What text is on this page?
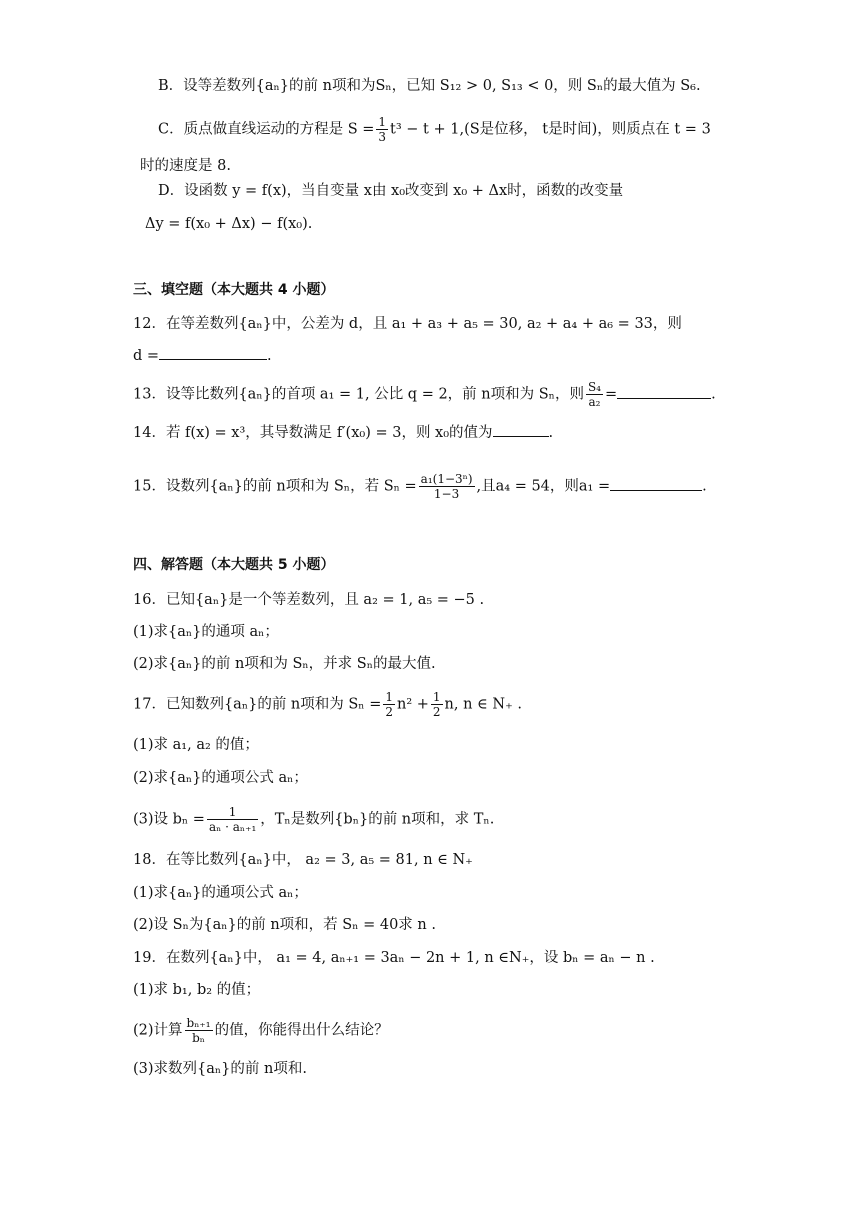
B．设等差数列{aₙ}的前 n项和为Sₙ，已知 S₁₂ > 0, S₁₃ < 0，则 Sₙ的最大值为 S₆.
C．质点做直线运动的方程是 $S = \frac{1}{3} t^3 - t + 1,(S$是位移， t是时间)，则质点在 t = 3
时的速度是 8.
D．设函数 y = f(x)，当自变量 x由 x₀改变到 x₀ + Δx时，函数的改变量
Δy = f(x₀ + Δx) − f(x₀).
三、填空题（本大题共 4 小题）
12．在等差数列{aₙ}中，公差为 d，且 a₁ + a₃ + a₅ = 30, a₂ + a₄ + a₆ = 33，则
d =	.
13．设等比数列{aₙ}的首项 a₁ = 1, 公比 q = 2，前 n项和为 Sₙ，则 $\frac{\text{S₄}}{\text{a₂}}$ =	.
14．若 f(x) = x³，其导数满足 f′(x₀) = 3，则 x₀的值为	.
15．设数列{aₙ}的前 n项和为 Sₙ，若 $S_n = \frac{\text{a₁(1−3ⁿ)}}{1-3}$ ,且a₄ = 54，则a₁ =	.
四、解答题（本大题共 5 小题）
16．已知{aₙ}是一个等差数列，且 a₂ = 1, a₅ = −5 .
(1)求{aₙ}的通项 aₙ；
(2)求{aₙ}的前 n项和为 Sₙ，并求 Sₙ的最大值.
17．已知数列{aₙ}的前 n项和为 $S_n = \frac{1}{2} n^2 + \frac{1}{2} n$, n ∈ N₊ .
(1)求 a₁, a₂ 的值；
(2)求{aₙ}的通项公式 aₙ；
(3)设 $b_n = \frac{1}{\text{aₙ · aₙ₊₁}}$ ，Tₙ是数列{bₙ}的前 n项和，求 Tₙ.
18．在等比数列{aₙ}中， a₂ = 3, a₅ = 81, n ∈ N₊
(1)求{aₙ}的通项公式 aₙ；
(2)设 Sₙ为{aₙ}的前 n项和，若 Sₙ = 40求 n .
19．在数列{aₙ}中， a₁ = 4, aₙ₊₁ = 3aₙ − 2n + 1, n ∈N₊，设 bₙ = aₙ − n .
(1)求 b₁, b₂ 的值；
(2)计算 $\frac{\text{bₙ₊₁}}{\text{bₙ}}$ 的值，你能得出什么结论？
(3)求数列{aₙ}的前 n项和.
